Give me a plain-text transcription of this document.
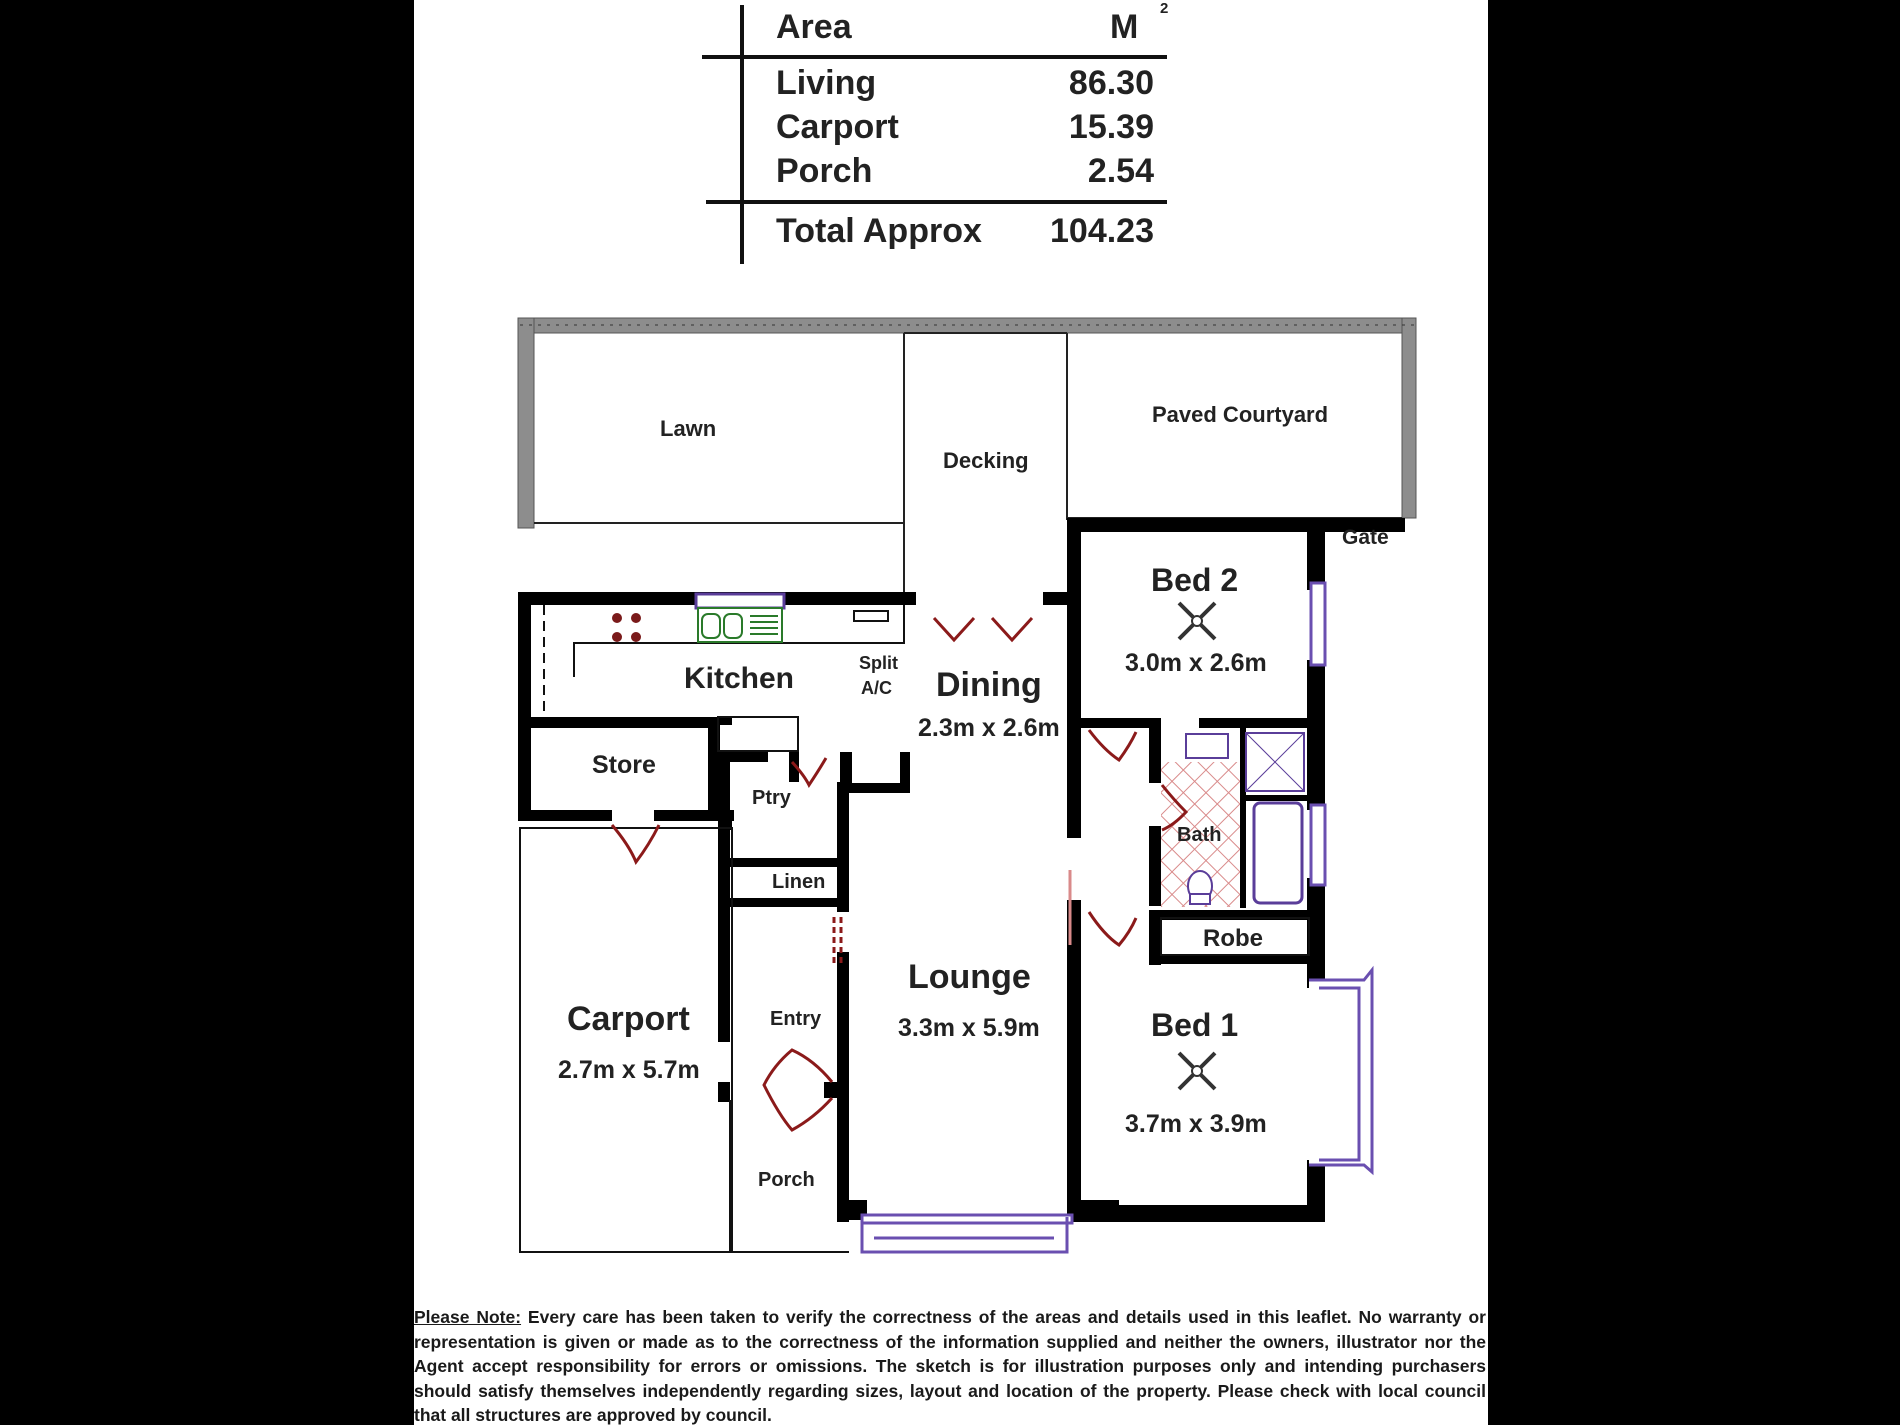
Area	M 2
Living	86.30
Carport	15.39
Porch	2.54
Total Approx	104.23
Lawn
Decking
Paved Courtyard
Gate
Kitchen	Split
A/C Dining
2.3m x 2.6m
Bed 2
3.0m x 2.6m
Store
Ptry
Bath
Linen
Robe
Lounge
3.3m x 5.9m
Carport
2.7m x 5.7m
Entry	Bed 1
3.7m x 3.9m
Porch
Please Note: Every care has been taken to verify the correctness of the areas and details used in this leaflet. No warranty or representation is given or made as to the correctness of the information supplied and neither the owners, illustrator nor the Agent accept responsibility for errors or omissions. The sketch is for illustration purposes only and intending purchasers should satisfy themselves independently regarding sizes, layout and location of the property. Please check with local council that all structures are approved by council.
